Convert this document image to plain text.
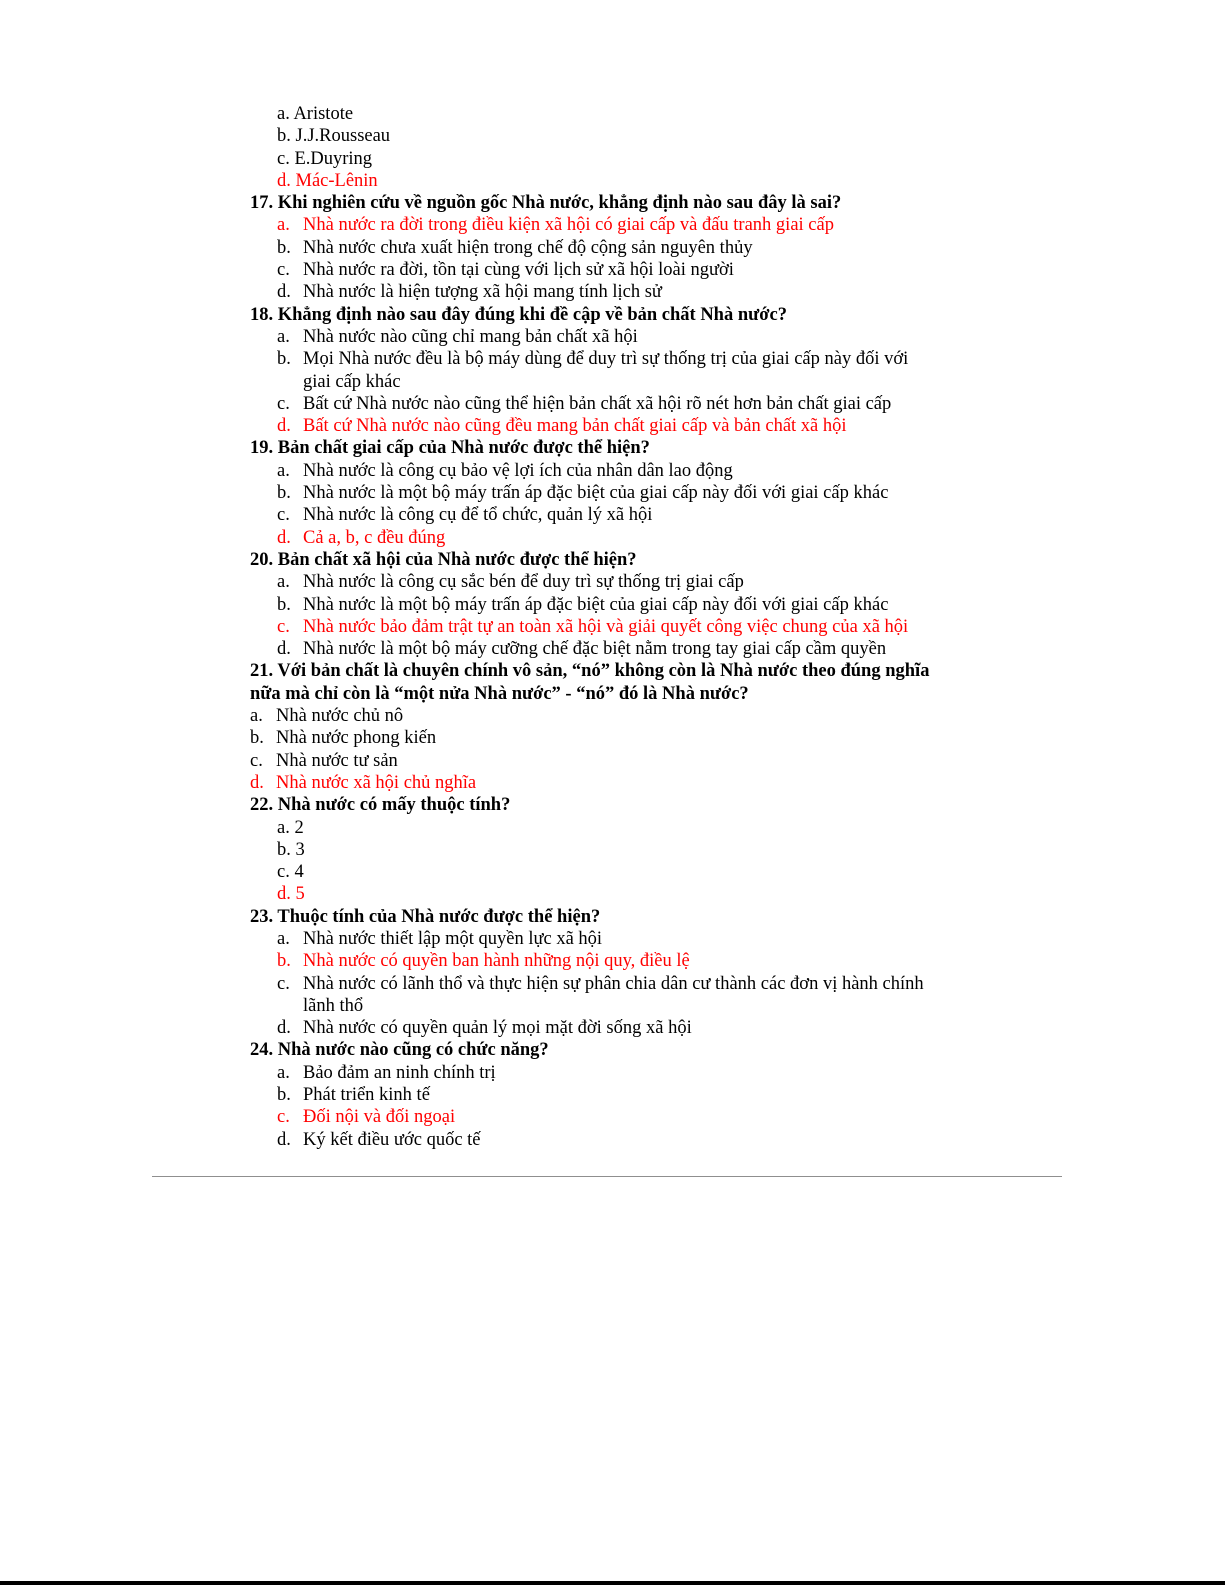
a. Aristote
b. J.J.Rousseau
c. E.Duyring
d. Mác-Lênin
17. Khi nghiên cứu về nguồn gốc Nhà nước, khẳng định nào sau đây là sai?
a. Nhà nước ra đời trong điều kiện xã hội có giai cấp và đấu tranh giai cấp
b. Nhà nước chưa xuất hiện trong chế độ cộng sản nguyên thủy
c. Nhà nước ra đời, tồn tại cùng với lịch sử xã hội loài người
d. Nhà nước là hiện tượng xã hội mang tính lịch sử
18. Khẳng định nào sau đây đúng khi đề cập về bản chất Nhà nước?
a. Nhà nước nào cũng chỉ mang bản chất xã hội
b. Mọi Nhà nước đều là bộ máy dùng để duy trì sự thống trị của giai cấp này đối với
giai cấp khác
c. Bất cứ Nhà nước nào cũng thể hiện bản chất xã hội rõ nét hơn bản chất giai cấp
d. Bất cứ Nhà nước nào cũng đều mang bản chất giai cấp và bản chất xã hội
19. Bản chất giai cấp của Nhà nước được thể hiện?
a. Nhà nước là công cụ bảo vệ lợi ích của nhân dân lao động
b. Nhà nước là một bộ máy trấn áp đặc biệt của giai cấp này đối với giai cấp khác
c. Nhà nước là công cụ để tổ chức, quản lý xã hội
d. Cả a, b, c đều đúng
20. Bản chất xã hội của Nhà nước được thể hiện?
a. Nhà nước là công cụ sắc bén để duy trì sự thống trị giai cấp
b. Nhà nước là một bộ máy trấn áp đặc biệt của giai cấp này đối với giai cấp khác
c. Nhà nước bảo đảm trật tự an toàn xã hội và giải quyết công việc chung của xã hội
d. Nhà nước là một bộ máy cưỡng chế đặc biệt nằm trong tay giai cấp cầm quyền
21. Với bản chất là chuyên chính vô sản, “nó” không còn là Nhà nước theo đúng nghĩa
nữa mà chỉ còn là “một nửa Nhà nước” - “nó” đó là Nhà nước?
a. Nhà nước chủ nô
b. Nhà nước phong kiến
c. Nhà nước tư sản
d. Nhà nước xã hội chủ nghĩa
22. Nhà nước có mấy thuộc tính?
a. 2
b. 3
c. 4
d. 5
23. Thuộc tính của Nhà nước được thể hiện?
a. Nhà nước thiết lập một quyền lực xã hội
b. Nhà nước có quyền ban hành những nội quy, điều lệ
c. Nhà nước có lãnh thổ và thực hiện sự phân chia dân cư thành các đơn vị hành chính
lãnh thổ
d. Nhà nước có quyền quản lý mọi mặt đời sống xã hội
24. Nhà nước nào cũng có chức năng?
a. Bảo đảm an ninh chính trị
b. Phát triển kinh tế
c. Đối nội và đối ngoại
d. Ký kết điều ước quốc tế
